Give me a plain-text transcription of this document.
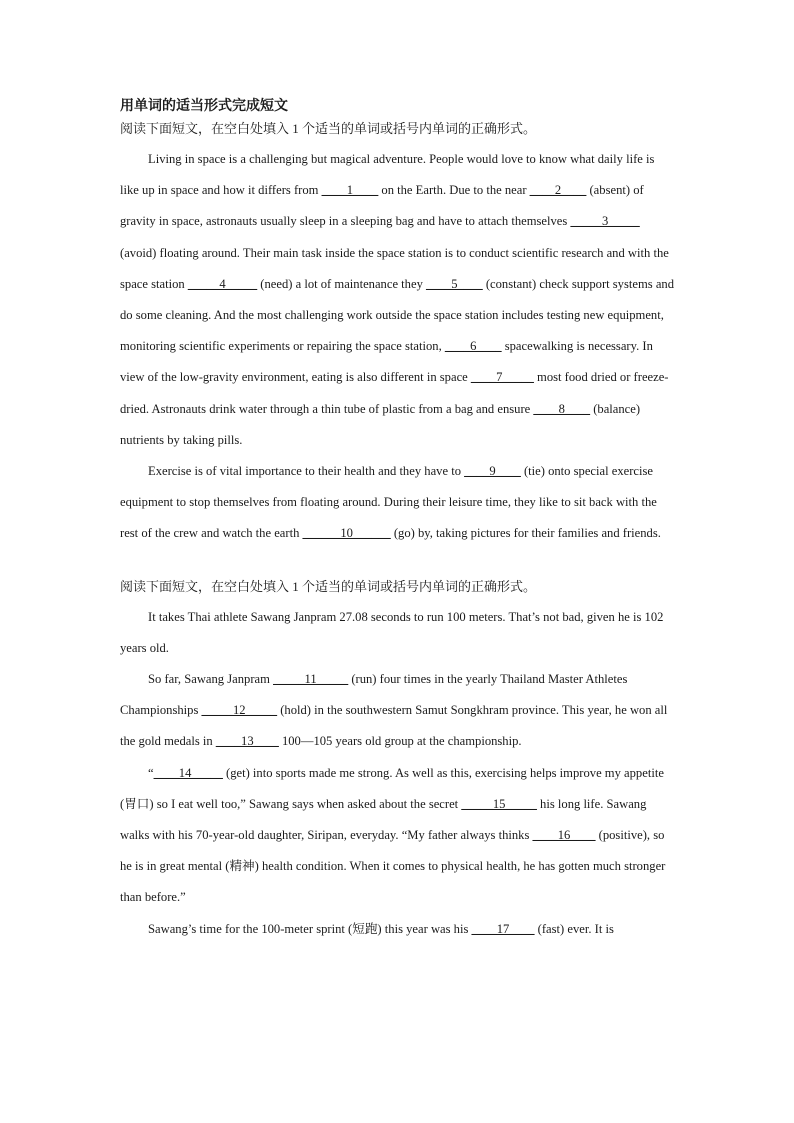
用单词的适当形式完成短文

阅读下面短文，在空白处填入 1 个适当的单词或括号内单词的正确形式。

Living in space is a challenging but magical adventure. People would love to know what daily life is like up in space and how it differs from ____1____ on the Earth. Due to the near ____2____ (absent) of gravity in space, astronauts usually sleep in a sleeping bag and have to attach themselves _____3_____ (avoid) floating around. Their main task inside the space station is to conduct scientific research and with the space station _____4_____ (need) a lot of maintenance they ____5____ (constant) check support systems and do some cleaning. And the most challenging work outside the space station includes testing new equipment, monitoring scientific experiments or repairing the space station, ____6____ spacewalking is necessary. In view of the low-gravity environment, eating is also different in space ____7_____ most food dried or freeze-dried. Astronauts drink water through a thin tube of plastic from a bag and ensure ____8____ (balance) nutrients by taking pills.

Exercise is of vital importance to their health and they have to ____9____ (tie) onto special exercise equipment to stop themselves from floating around. During their leisure time, they like to sit back with the rest of the crew and watch the earth ______10______ (go) by, taking pictures for their families and friends.

阅读下面短文，在空白处填入 1 个适当的单词或括号内单词的正确形式。

It takes Thai athlete Sawang Janpram 27.08 seconds to run 100 meters. That’s not bad, given he is 102 years old.

So far, Sawang Janpram _____11_____ (run) four times in the yearly Thailand Master Athletes Championships _____12_____ (hold) in the southwestern Samut Songkhram province. This year, he won all the gold medals in ____13____ 100—105 years old group at the championship.

“____14_____ (get) into sports made me strong. As well as this, exercising helps improve my appetite (胃口) so I eat well too,” Sawang says when asked about the secret _____15_____ his long life. Sawang walks with his 70-year-old daughter, Siripan, everyday. “My father always thinks ____16____ (positive), so he is in great mental (精神) health condition. When it comes to physical health, he has gotten much stronger than before.”

Sawang’s time for the 100-meter sprint (短跑) this year was his ____17____ (fast) ever. It is
